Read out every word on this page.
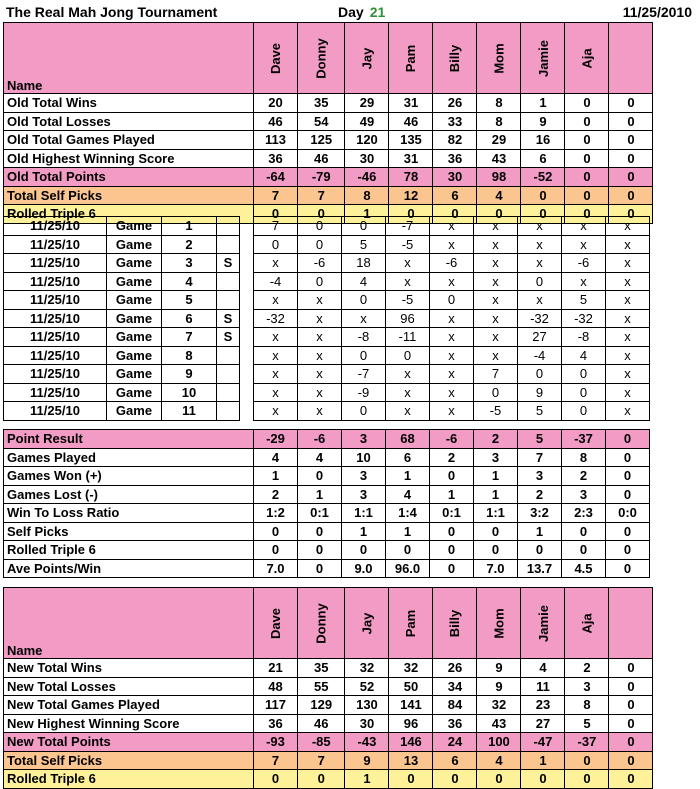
The Real Mah Jong Tournament	Day 21	11/25/2010
Name	Dave	Donny	Jay	Pam	Billy	Mom	Jamie	Aja	
Old Total Wins	20	35	29	31	26	8	1	0	0
Old Total Losses	46	54	49	46	33	8	9	0	0
Old Total Games Played	113	125	120	135	82	29	16	0	0
Old Highest Winning Score	36	46	30	31	36	43	6	0	0
Old Total Points	-64	-79	-46	78	30	98	-52	0	0
Total Self Picks	7	7	8	12	6	4	0	0	0
Rolled Triple 6	0	0	1	0	0	0	0	0	0
11/25/10	Game	1			7	0	0	-7	x	x	x	x	x
11/25/10	Game	2			0	0	5	-5	x	x	x	x	x
11/25/10	Game	3	S		x	-6	18	x	-6	x	x	-6	x
11/25/10	Game	4			-4	0	4	x	x	x	0	x	x
11/25/10	Game	5			x	x	0	-5	0	x	x	5	x
11/25/10	Game	6	S		-32	x	x	96	x	x	-32	-32	x
11/25/10	Game	7	S		x	x	-8	-11	x	x	27	-8	x
11/25/10	Game	8			x	x	0	0	x	x	-4	4	x
11/25/10	Game	9			x	x	-7	x	x	7	0	0	x
11/25/10	Game	10			x	x	-9	x	x	0	9	0	x
11/25/10	Game	11			x	x	0	x	x	-5	5	0	x
Point Result	-29	-6	3	68	-6	2	5	-37	0
Games Played	4	4	10	6	2	3	7	8	0
Games Won (+)	1	0	3	1	0	1	3	2	0
Games Lost (-)	2	1	3	4	1	1	2	3	0
Win To Loss Ratio	1:2	0:1	1:1	1:4	0:1	1:1	3:2	2:3	0:0
Self Picks	0	0	1	1	0	0	1	0	0
Rolled Triple 6	0	0	0	0	0	0	0	0	0
Ave Points/Win	7.0	0	9.0	96.0	0	7.0	13.7	4.5	0
Name	Dave	Donny	Jay	Pam	Billy	Mom	Jamie	Aja	
New Total Wins	21	35	32	32	26	9	4	2	0
New Total Losses	48	55	52	50	34	9	11	3	0
New Total Games Played	117	129	130	141	84	32	23	8	0
New Highest Winning Score	36	46	30	96	36	43	27	5	0
New Total Points	-93	-85	-43	146	24	100	-47	-37	0
Total Self Picks	7	7	9	13	6	4	1	0	0
Rolled Triple 6	0	0	1	0	0	0	0	0	0
